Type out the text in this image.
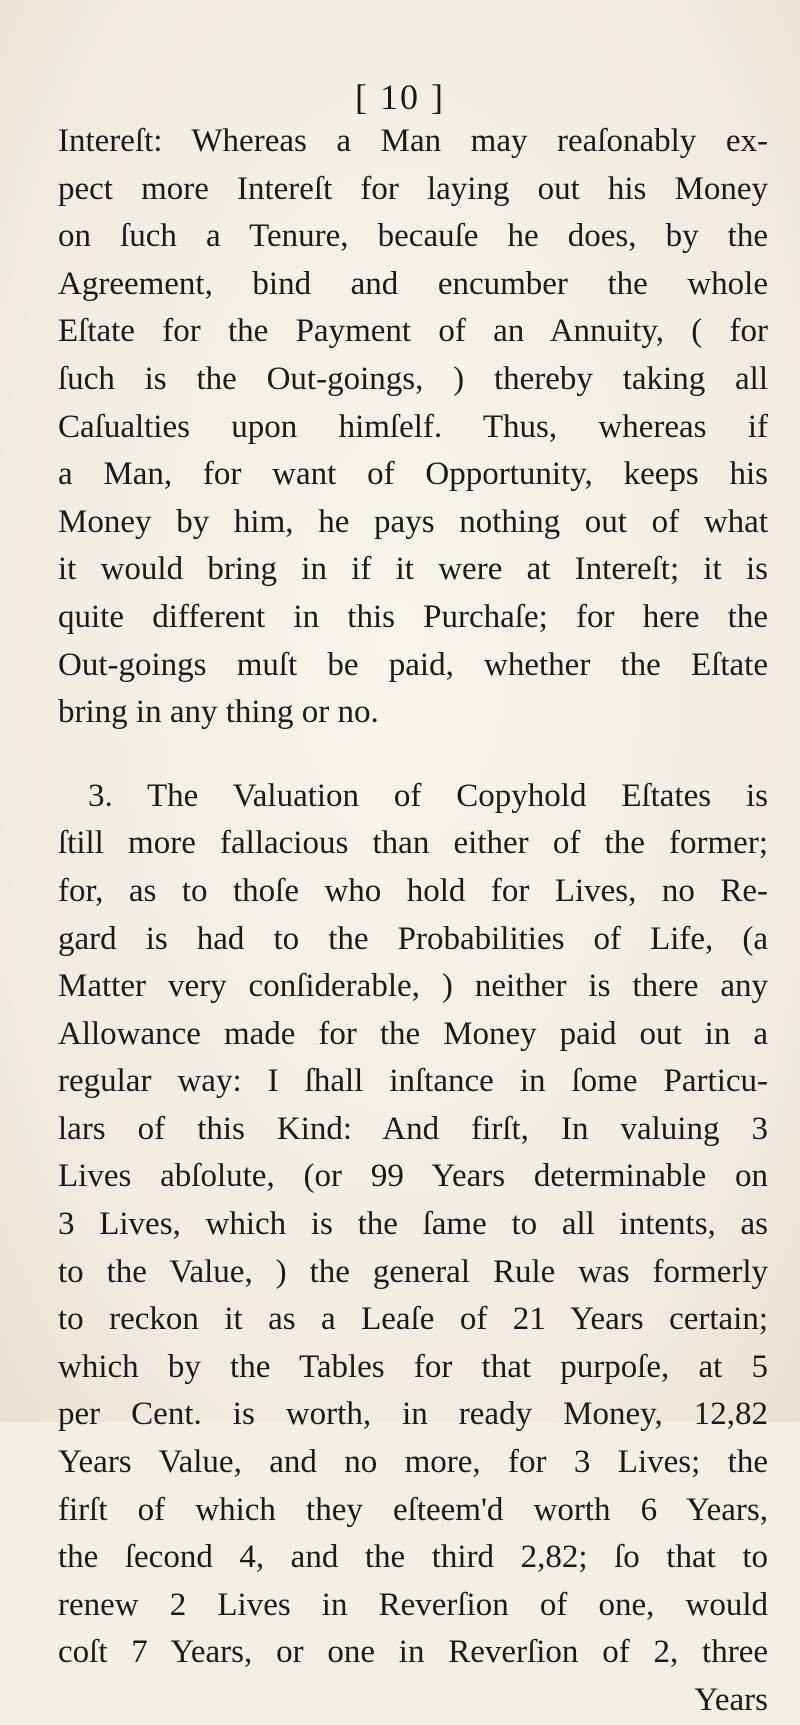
[ 10 ]
Intereſt: Whereas a Man may reaſonably ex-
pect more Intereſt for laying out his Money
on ſuch a Tenure, becauſe he does, by the
Agreement, bind and encumber the whole
Eſtate for the Payment of an Annuity, ( for
ſuch is the Out-goings, ) thereby taking all
Caſualties upon himſelf. Thus, whereas if
a Man, for want of Opportunity, keeps his
Money by him, he pays nothing out of what
it would bring in if it were at Intereſt; it is
quite different in this Purchaſe; for here the
Out-goings muſt be paid, whether the Eſtate
bring in any thing or no.
3. The Valuation of Copyhold Eſtates is
ſtill more fallacious than either of the former;
for, as to thoſe who hold for Lives, no Re-
gard is had to the Probabilities of Life, (a
Matter very conſiderable, ) neither is there any
Allowance made for the Money paid out in a
regular way: I ſhall inſtance in ſome Particu-
lars of this Kind: And firſt, In valuing 3
Lives abſolute, (or 99 Years determinable on
3 Lives, which is the ſame to all intents, as
to the Value, ) the general Rule was formerly
to reckon it as a Leaſe of 21 Years certain;
which by the Tables for that purpoſe, at 5
per Cent. is worth, in ready Money, 12,82
Years Value, and no more, for 3 Lives; the
firſt of which they eſteem'd worth 6 Years,
the ſecond 4, and the third 2,82; ſo that to
renew 2 Lives in Reverſion of one, would
coſt 7 Years, or one in Reverſion of 2, three
Years
